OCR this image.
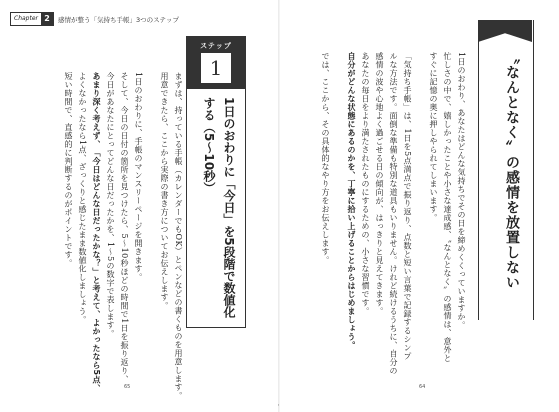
Chapter 2	感情が整う「気持ち手帳」3つのステップ
まずは、持っている手帳（カレンダーでもOK）とペンなどの書くものを用意します。
用意できたら、ここから実際の書き方についてお伝えします。
1日のおわりに、手帳のマンスリーページを開きます。
そして、今日の日付の箇所を見つけたら、5〜10秒ほどの時間で1日を振り返り、
今日があなたにとってどんな日だったかを、1〜5の数字で表します。
あまり深く考えず、「今日はどんな日だったかな？」と考えて、よかったなら5点、
よくなかったなら1点、ざっくりと感じたまま数値化しましょう。
短い時間で、直感的に判断するのがポイントです。
ステップ
1
1日のおわりに「今日」を5段階で数値化する（5〜10秒）	〝なんとなく〟の感情を放置しない
1日のおわり、あなたはどんな気持ちでその日を締めくくっていますか。
忙しさの中で、嬉しかったことや小さな達成感、〝なんとなく〟の感情は、意外と
すぐに記憶の奥に押しやられてしまいます。
「気持ち手帳」は、1日を5点満点で振り返り、点数と短い言葉で記録するシンプ
ルな方法です。面倒な準備も特別な道具もいりません。けれど続けるうちに、自分の
感情の波や心地よく過ごせる日の傾向が、はっきりと見えてきます。
あなたの毎日をより満たされたものにするための、小さな習慣です。
自分がどんな状態にあるのかを、丁寧に拾い上げることからはじめましょう。
では、ここから、その具体的なやり方をお伝えします。
65	64
・
